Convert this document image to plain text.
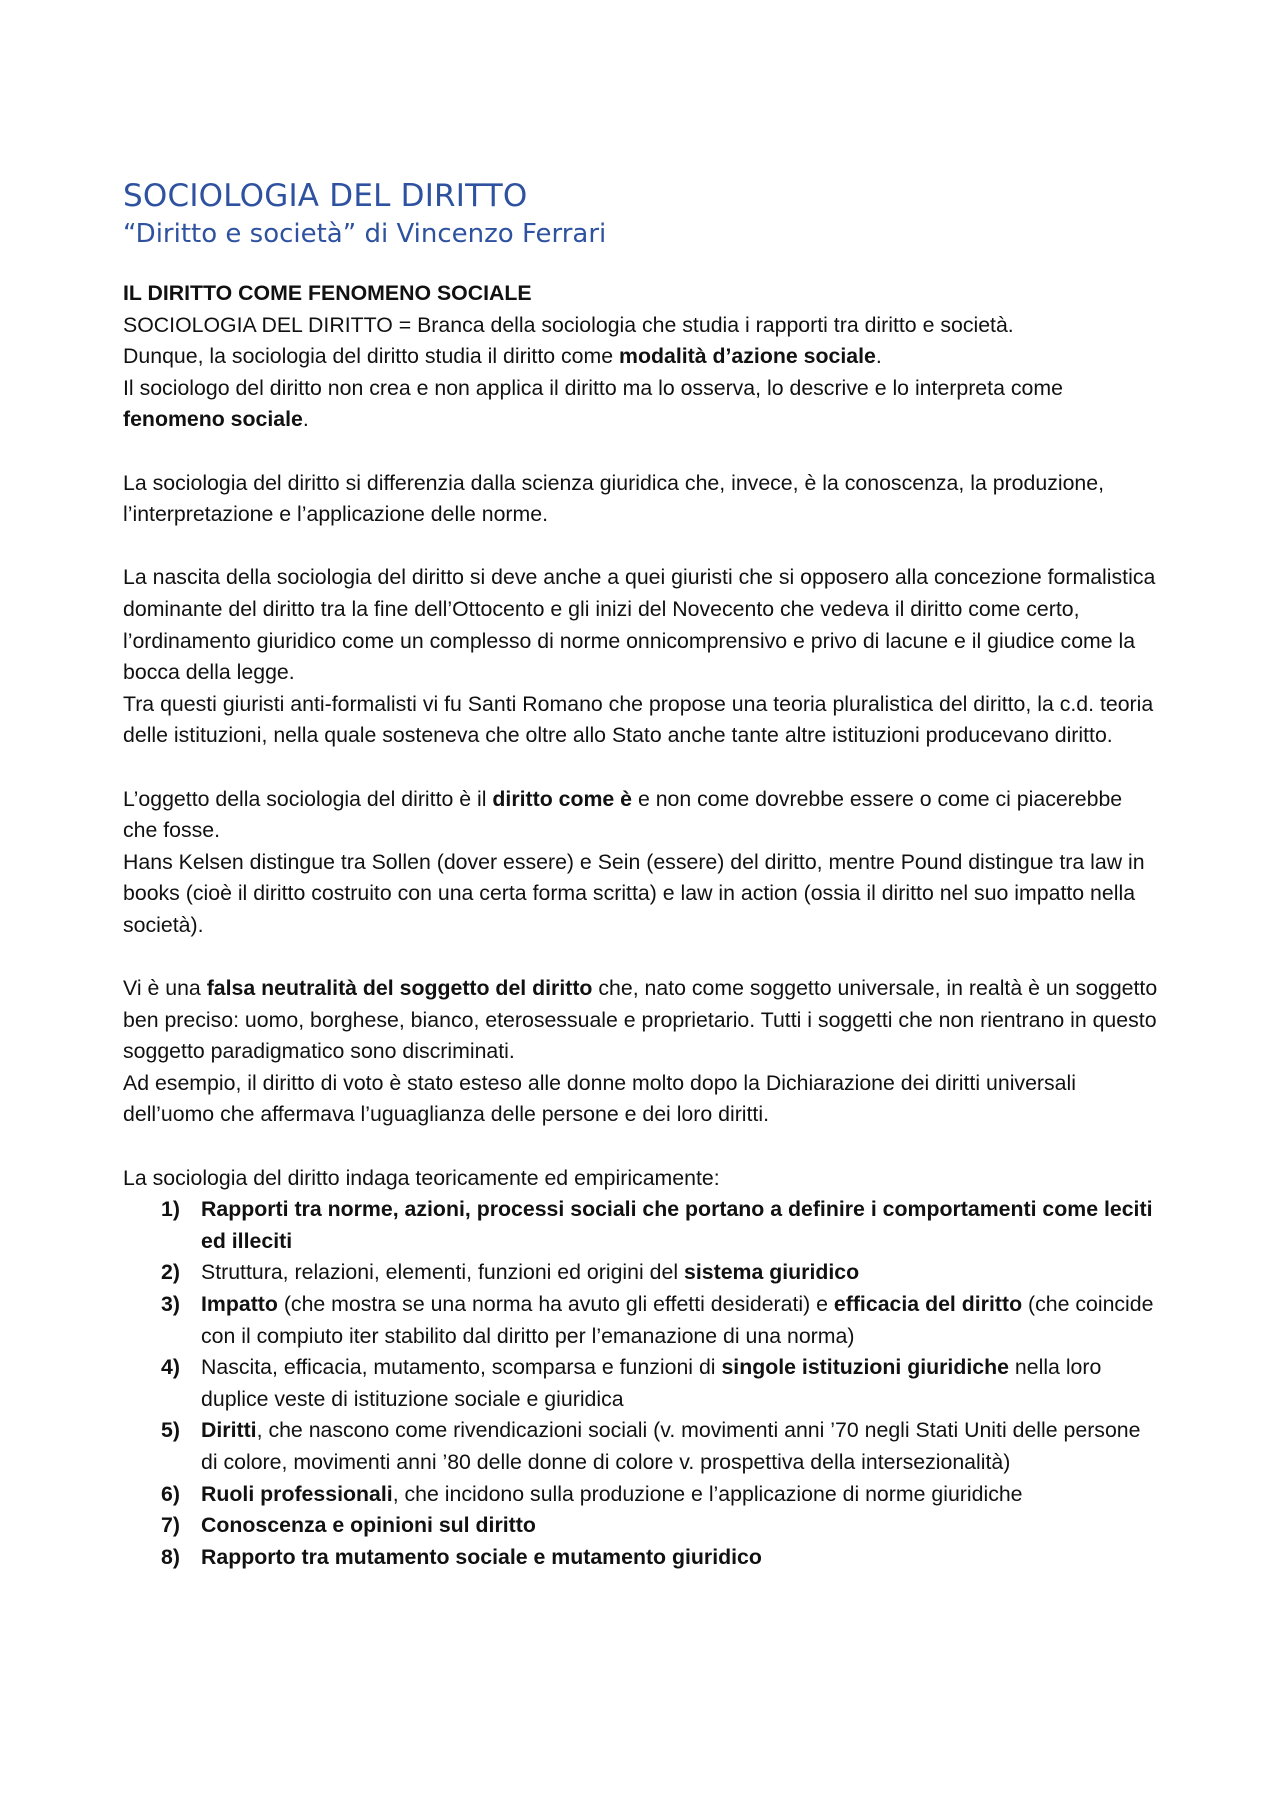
SOCIOLOGIA DEL DIRITTO
“Diritto e società” di Vincenzo Ferrari

IL DIRITTO COME FENOMENO SOCIALE

SOCIOLOGIA DEL DIRITTO = Branca della sociologia che studia i rapporti tra diritto e società.

Dunque, la sociologia del diritto studia il diritto come modalità d’azione sociale.

Il sociologo del diritto non crea e non applica il diritto ma lo osserva, lo descrive e lo interpreta come fenomeno sociale.

La sociologia del diritto si differenzia dalla scienza giuridica che, invece, è la conoscenza, la produzione, l’interpretazione e l’applicazione delle norme.

La nascita della sociologia del diritto si deve anche a quei giuristi che si opposero alla concezione formalistica dominante del diritto tra la fine dell’Ottocento e gli inizi del Novecento che vedeva il diritto come certo, l’ordinamento giuridico come un complesso di norme onnicomprensivo e privo di lacune e il giudice come la bocca della legge.

Tra questi giuristi anti-formalisti vi fu Santi Romano che propose una teoria pluralistica del diritto, la c.d. teoria delle istituzioni, nella quale sosteneva che oltre allo Stato anche tante altre istituzioni producevano diritto.

L’oggetto della sociologia del diritto è il diritto come è e non come dovrebbe essere o come ci piacerebbe che fosse.

Hans Kelsen distingue tra Sollen (dover essere) e Sein (essere) del diritto, mentre Pound distingue tra law in books (cioè il diritto costruito con una certa forma scritta) e law in action (ossia il diritto nel suo impatto nella società).

Vi è una falsa neutralità del soggetto del diritto che, nato come soggetto universale, in realtà è un soggetto ben preciso: uomo, borghese, bianco, eterosessuale e proprietario. Tutti i soggetti che non rientrano in questo soggetto paradigmatico sono discriminati.

Ad esempio, il diritto di voto è stato esteso alle donne molto dopo la Dichiarazione dei diritti universali dell’uomo che affermava l’uguaglianza delle persone e dei loro diritti.

La sociologia del diritto indaga teoricamente ed empiricamente:

1) Rapporti tra norme, azioni, processi sociali che portano a definire i comportamenti come leciti ed illeciti
2) Struttura, relazioni, elementi, funzioni ed origini del sistema giuridico
3) Impatto (che mostra se una norma ha avuto gli effetti desiderati) e efficacia del diritto (che coincide con il compiuto iter stabilito dal diritto per l’emanazione di una norma)
4) Nascita, efficacia, mutamento, scomparsa e funzioni di singole istituzioni giuridiche nella loro duplice veste di istituzione sociale e giuridica
5) Diritti, che nascono come rivendicazioni sociali (v. movimenti anni ’70 negli Stati Uniti delle persone di colore, movimenti anni ’80 delle donne di colore v. prospettiva della intersezionalità)
6) Ruoli professionali, che incidono sulla produzione e l’applicazione di norme giuridiche
7) Conoscenza e opinioni sul diritto
8) Rapporto tra mutamento sociale e mutamento giuridico
